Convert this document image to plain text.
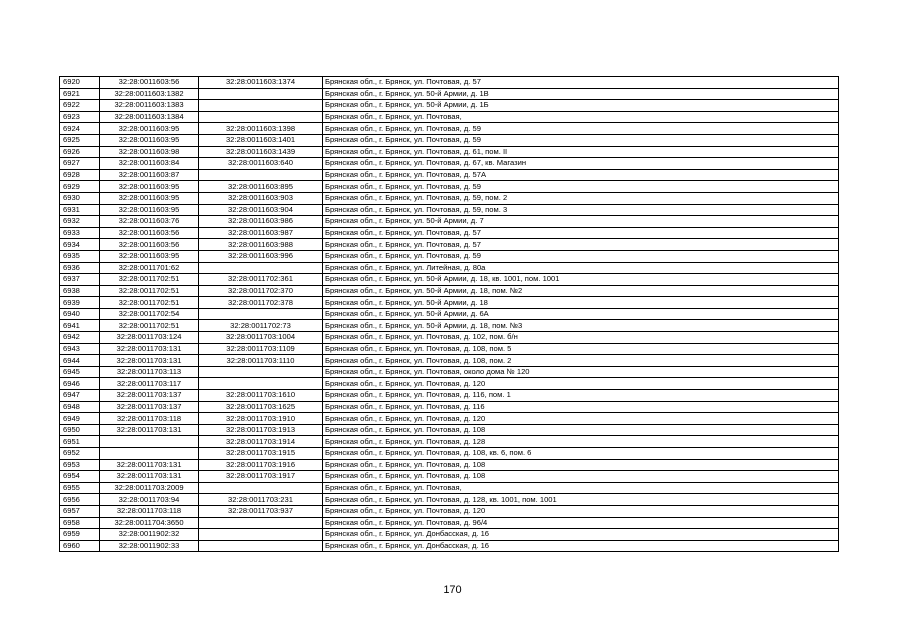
6920	32:28:0011603:56	32:28:0011603:1374	Брянская обл., г. Брянск, ул. Почтовая, д. 57
6921	32:28:0011603:1382		Брянская обл., г. Брянск, ул. 50-й Армии, д. 1В
6922	32:28:0011603:1383		Брянская обл., г. Брянск, ул. 50-й Армии, д. 1Б
6923	32:28:0011603:1384		Брянская обл., г. Брянск, ул. Почтовая,
6924	32:28:0011603:95	32:28:0011603:1398	Брянская обл., г. Брянск, ул. Почтовая, д. 59
6925	32:28:0011603:95	32:28:0011603:1401	Брянская обл., г. Брянск, ул. Почтовая, д. 59
6926	32:28:0011603:98	32:28:0011603:1439	Брянская обл., г. Брянск, ул. Почтовая, д. 61, пом. II
6927	32:28:0011603:84	32:28:0011603:640	Брянская обл., г. Брянск, ул. Почтовая, д. 67, кв. Магазин
6928	32:28:0011603:87		Брянская обл., г. Брянск, ул. Почтовая, д. 57А
6929	32:28:0011603:95	32:28:0011603:895	Брянская обл., г. Брянск, ул. Почтовая, д. 59
6930	32:28:0011603:95	32:28:0011603:903	Брянская обл., г. Брянск, ул. Почтовая, д. 59, пом. 2
6931	32:28:0011603:95	32:28:0011603:904	Брянская обл., г. Брянск, ул. Почтовая, д. 59, пом. 3
6932	32:28:0011603:76	32:28:0011603:986	Брянская обл., г. Брянск, ул. 50-й Армии, д. 7
6933	32:28:0011603:56	32:28:0011603:987	Брянская обл., г. Брянск, ул. Почтовая, д. 57
6934	32:28:0011603:56	32:28:0011603:988	Брянская обл., г. Брянск, ул. Почтовая, д. 57
6935	32:28:0011603:95	32:28:0011603:996	Брянская обл., г. Брянск, ул. Почтовая, д. 59
6936	32:28:0011701:62		Брянская обл., г. Брянск, ул. Литейная, д. 80а
6937	32:28:0011702:51	32:28:0011702:361	Брянская обл., г. Брянск, ул. 50-й Армии, д. 18, кв. 1001, пом. 1001
6938	32:28:0011702:51	32:28:0011702:370	Брянская обл., г. Брянск, ул. 50-й Армии, д. 18, пом. №2
6939	32:28:0011702:51	32:28:0011702:378	Брянская обл., г. Брянск, ул. 50-й Армии, д. 18
6940	32:28:0011702:54		Брянская обл., г. Брянск, ул. 50-й Армии, д. 6А
6941	32:28:0011702:51	32:28:0011702:73	Брянская обл., г. Брянск, ул. 50-й Армии, д. 18, пом. №3
6942	32:28:0011703:124	32:28:0011703:1004	Брянская обл., г. Брянск, ул. Почтовая, д. 102, пом. б/н
6943	32:28:0011703:131	32:28:0011703:1109	Брянская обл., г. Брянск, ул. Почтовая, д. 108, пом. 5
6944	32:28:0011703:131	32:28:0011703:1110	Брянская обл., г. Брянск, ул. Почтовая, д. 108, пом. 2
6945	32:28:0011703:113		Брянская обл., г. Брянск, ул. Почтовая, около дома № 120
6946	32:28:0011703:117		Брянская обл., г. Брянск, ул. Почтовая, д. 120
6947	32:28:0011703:137	32:28:0011703:1610	Брянская обл., г. Брянск, ул. Почтовая, д. 116, пом. 1
6948	32:28:0011703:137	32:28:0011703:1625	Брянская обл., г. Брянск, ул. Почтовая, д. 116
6949	32:28:0011703:118	32:28:0011703:1910	Брянская обл., г. Брянск, ул. Почтовая, д. 120
6950	32:28:0011703:131	32:28:0011703:1913	Брянская обл., г. Брянск, ул. Почтовая, д. 108
6951		32:28:0011703:1914	Брянская обл., г. Брянск, ул. Почтовая, д. 128
6952		32:28:0011703:1915	Брянская обл., г. Брянск, ул. Почтовая, д. 108, кв. 6, пом. 6
6953	32:28:0011703:131	32:28:0011703:1916	Брянская обл., г. Брянск, ул. Почтовая, д. 108
6954	32:28:0011703:131	32:28:0011703:1917	Брянская обл., г. Брянск, ул. Почтовая, д. 108
6955	32:28:0011703:2009		Брянская обл., г. Брянск, ул. Почтовая,
6956	32:28:0011703:94	32:28:0011703:231	Брянская обл., г. Брянск, ул. Почтовая, д. 128, кв. 1001, пом. 1001
6957	32:28:0011703:118	32:28:0011703:937	Брянская обл., г. Брянск, ул. Почтовая, д. 120
6958	32:28:0011704:3650		Брянская обл., г. Брянск, ул. Почтовая, д. 96/4
6959	32:28:0011902:32		Брянская обл., г. Брянск, ул. Донбасская, д. 16
6960	32:28:0011902:33		Брянская обл., г. Брянск, ул. Донбасская, д. 16
170
